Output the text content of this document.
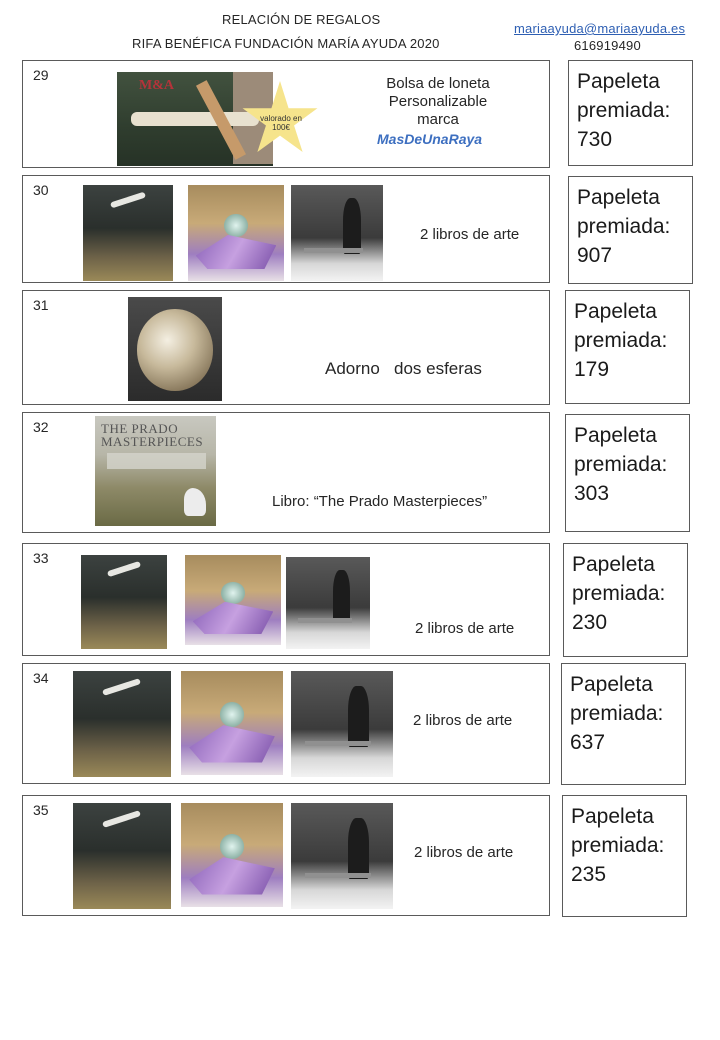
RELACIÓN DE REGALOS
RIFA BENÉFICA FUNDACIÓN MARÍA AYUDA 2020
mariaayuda@mariaayuda.es
616919490
29
M&A
valorado en
100€
Bolsa de loneta
Personalizable
marca
MasDeUnaRaya
Papeleta
premiada:
730
30
2 libros de arte
Papeleta
premiada:
907
31
Adorno   dos esferas
Papeleta
premiada:
179
32	THE PRADO
MASTERPIECES
Libro: “The Prado Masterpieces”
Papeleta
premiada:
303
33
2 libros de arte
Papeleta
premiada:
230
34
2 libros de arte
Papeleta
premiada:
637
35
2 libros de arte
Papeleta
premiada:
235
